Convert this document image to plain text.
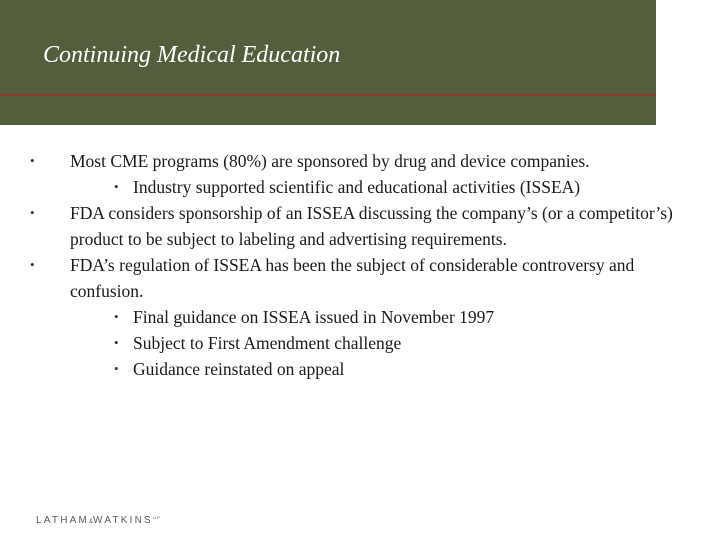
Continuing Medical Education
• Most CME programs (80%) are sponsored by drug and device companies.
• Industry supported scientific and educational activities (ISSEA)
• FDA considers sponsorship of an ISSEA discussing the company’s (or a competitor’s) product to be subject to labeling and advertising requirements.
• FDA’s regulation of ISSEA has been the subject of considerable controversy and confusion.
• Final guidance on ISSEA issued in November 1997
• Subject to First Amendment challenge
• Guidance reinstated on appeal
$LATHAM\&WATKINS^{LLP}$
